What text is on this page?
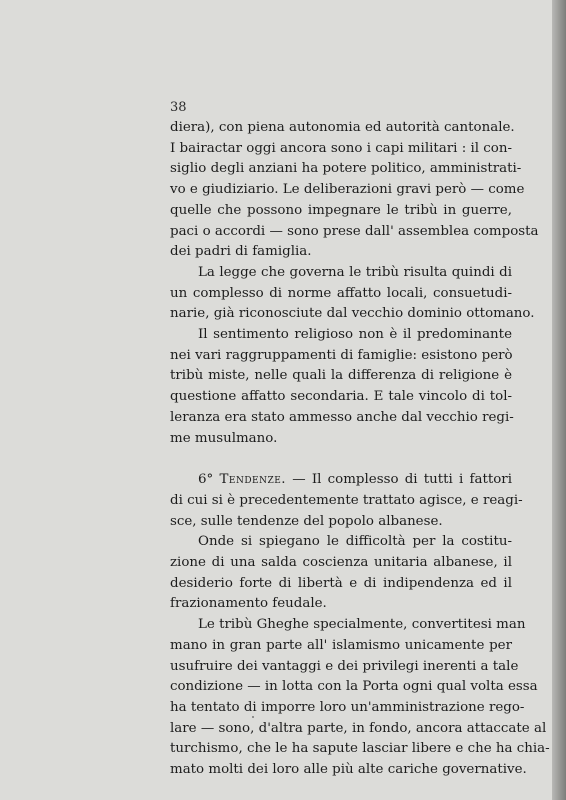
38
diera), con piena autonomia ed autorità cantonale.
I bairactar oggi ancora sono i capi militari : il con-
siglio degli anziani ha potere politico, amministrati-
vo e giudiziario. Le deliberazioni gravi però — come
quelle che possono impegnare le tribù in guerre,
paci o accordi — sono prese dall' assemblea composta
dei padri di famiglia.
La legge che governa le tribù risulta quindi di
un complesso di norme affatto locali, consuetudi-
narie, già riconosciute dal vecchio dominio ottomano.
Il sentimento religioso non è il predominante
nei vari raggruppamenti di famiglie: esistono però
tribù miste, nelle quali la differenza di religione è
questione affatto secondaria. E tale vincolo di tol-
leranza era stato ammesso anche dal vecchio regi-
me musulmano.
6° Tendenze. — Il complesso di tutti i fattori
di cui si è precedentemente trattato agisce, e reagi-
sce, sulle tendenze del popolo albanese.
Onde si spiegano le difficoltà per la costitu-
zione di una salda coscienza unitaria albanese, il
desiderio forte di libertà e di indipendenza ed il
frazionamento feudale.
Le tribù Gheghe specialmente, convertitesi man
mano in gran parte all' islamismo unicamente per
usufruire dei vantaggi e dei privilegi inerenti a tale
condizione — in lotta con la Porta ogni qual volta essa
ha tentato di imporre loro un'amministrazione rego-
lare — sono, d'altra parte, in fondo, ancora attaccate al
turchismo, che le ha sapute lasciar libere e che ha chia-
mato molti dei loro alle più alte cariche governative.
